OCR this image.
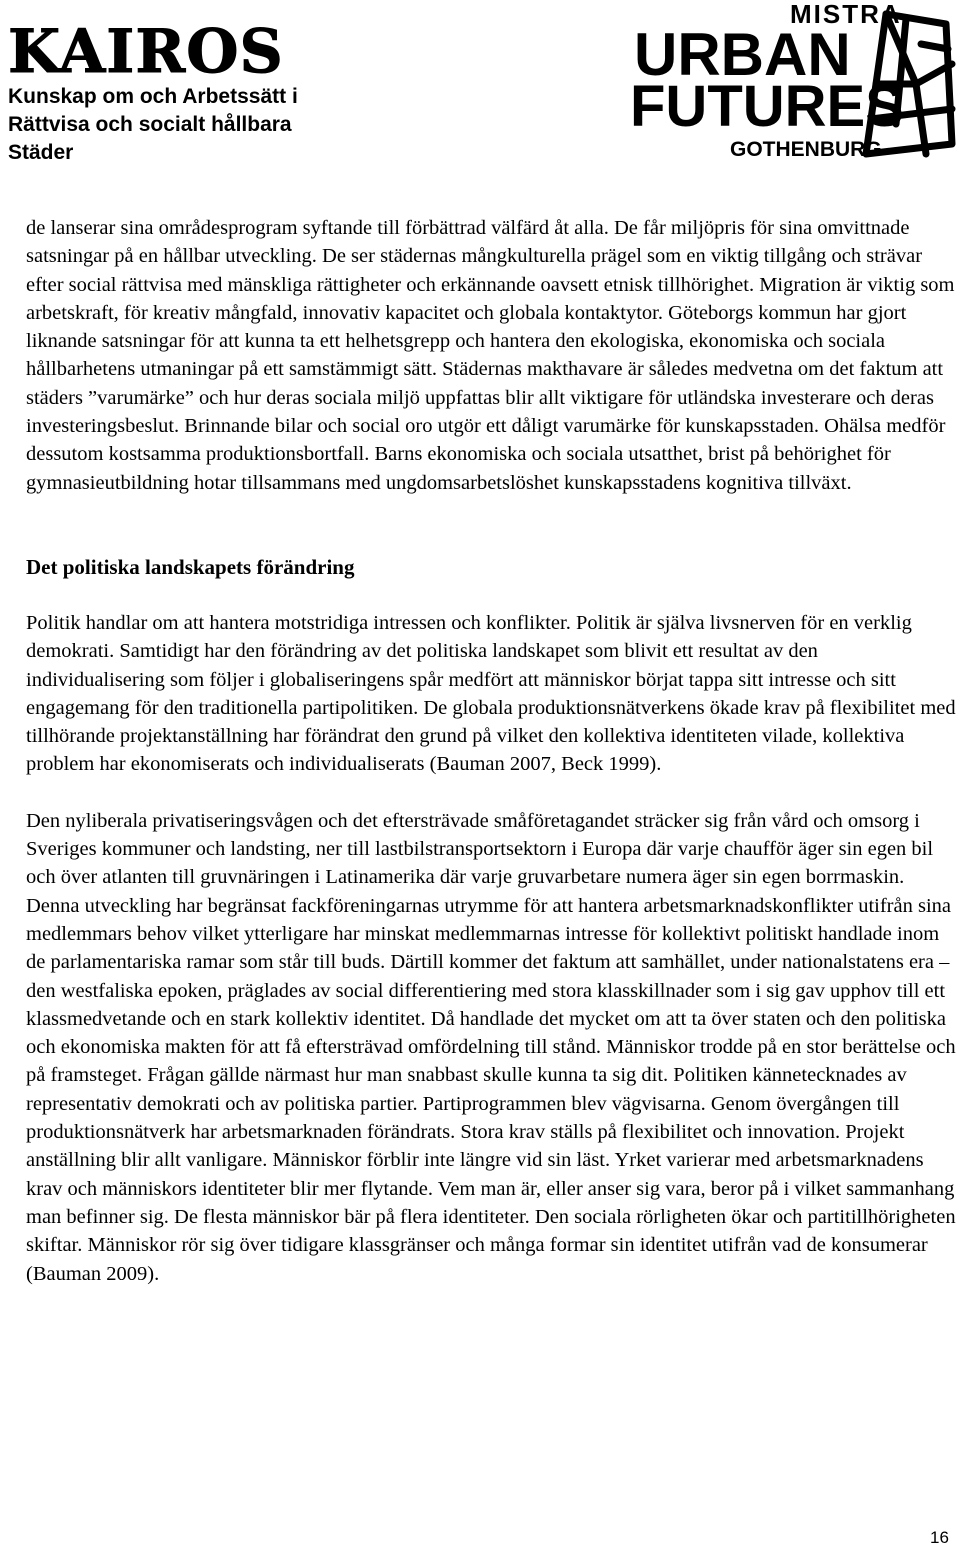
KAIROS
Kunskap om och Arbetssätt i
Rättvisa och socialt hållbara
Städer
MISTRA
URBAN
FUTURES
GOTHENBURG

de lanserar sina områdesprogram syftande till förbättrad välfärd åt alla. De får miljöpris för sina omvittnade satsningar på en hållbar utveckling. De ser städernas mångkulturella prägel som en viktig tillgång och strävar efter social rättvisa med mänskliga rättigheter och erkännande oavsett etnisk tillhörighet. Migration är viktig som arbetskraft, för kreativ mångfald, innovativ kapacitet och globala kontaktytor. Göteborgs kommun har gjort liknande satsningar för att kunna ta ett helhetsgrepp och hantera den ekologiska, ekonomiska och sociala hållbarhetens utmaningar på ett samstämmigt sätt. Städernas makthavare är således medvetna om det faktum att städers ”varumärke” och hur deras sociala miljö uppfattas blir allt viktigare för utländska investerare och deras investeringsbeslut. Brinnande bilar och social oro utgör ett dåligt varumärke för kunskapsstaden. Ohälsa medför dessutom kostsamma produktionsbortfall. Barns ekonomiska och sociala utsatthet, brist på behörighet för gymnasieutbildning hotar tillsammans med ungdomsarbetslöshet kunskapsstadens kognitiva tillväxt.

Det politiska landskapets förändring

Politik handlar om att hantera motstridiga intressen och konflikter. Politik är själva livsnerven för en verklig demokrati. Samtidigt har den förändring av det politiska landskapet som blivit ett resultat av den individualisering som följer i globaliseringens spår medfört att människor börjat tappa sitt intresse och sitt engagemang för den traditionella partipolitiken. De globala produktionsnätverkens ökade krav på flexibilitet med tillhörande projektanställning har förändrat den grund på vilket den kollektiva identiteten vilade, kollektiva problem har ekonomiserats och individualiserats (Bauman 2007, Beck 1999).

Den nyliberala privatiseringsvågen och det eftersträvade småföretagandet sträcker sig från vård och omsorg i Sveriges kommuner och landsting, ner till lastbilstransportsektorn i Europa där varje chaufför äger sin egen bil och över atlanten till gruvnäringen i Latinamerika där varje gruvarbetare numera äger sin egen borrmaskin. Denna utveckling har begränsat fackföreningarnas utrymme för att hantera arbetsmarknadskonflikter utifrån sina medlemmars behov vilket ytterligare har minskat medlemmarnas intresse för kollektivt politiskt handlade inom de parlamentariska ramar som står till buds. Därtill kommer det faktum att samhället, under nationalstatens era – den westfaliska epoken, präglades av social differentiering med stora klasskillnader som i sig gav upphov till ett klassmedvetande och en stark kollektiv identitet. Då handlade det mycket om att ta över staten och den politiska och ekonomiska makten för att få eftersträvad omfördelning till stånd. Människor trodde på en stor berättelse och på framsteget. Frågan gällde närmast hur man snabbast skulle kunna ta sig dit. Politiken kännetecknades av representativ demokrati och av politiska partier. Partiprogrammen blev vägvisarna. Genom övergången till produktionsnätverk har arbetsmarknaden förändrats. Stora krav ställs på flexibilitet och innovation. Projekt anställning blir allt vanligare. Människor förblir inte längre vid sin läst. Yrket varierar med arbetsmarknadens krav och människors identiteter blir mer flytande. Vem man är, eller anser sig vara, beror på i vilket sammanhang man befinner sig. De flesta människor bär på flera identiteter. Den sociala rörligheten ökar och partitillhörigheten skiftar. Människor rör sig över tidigare klassgränser och många formar sin identitet utifrån vad de konsumerar (Bauman 2009).

16
